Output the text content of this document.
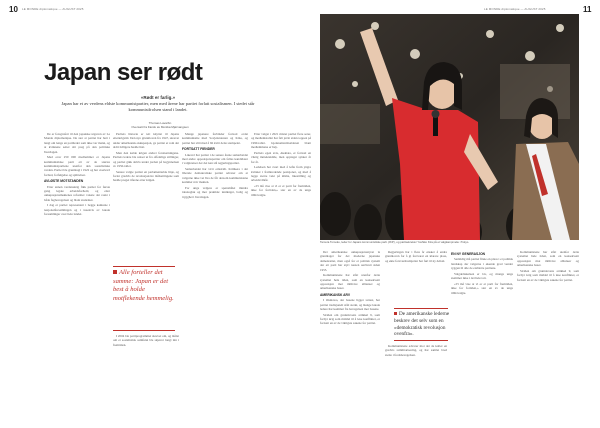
10 LE MONDE diplomatique — AUGUST 2025	11
LE MONDE diplomatique — AUGUST 2025
Japan ser rødt
«Rødt er farlig.»
Japan har et av verdens eldste kommunistpartier, men med årene har partiet forlatt sosialismen. I stedet står kommunistfrolsen stand i landet.
Thomas Lavarbn
Oversatt fra fransk av Monika Mjørvangsen

De er fotografert til den japanske utgaven av Le Monde diplomatique. De sier at partiet har hatt i langt om lenge en partileder som ikke var mann, og at kvinnene setter sitt preg på den politiske hverdagen.

Med over 250 000 medlemmer er Japans kommunistiske parti ett av de største kommunistpartiene utenfor den sosialistiske verden. Partiet ble grunnlagt i 1922 og har overlevd forbud, forfølgelse og splittelser.

AVLØSTE MOTSTANDEN

Etter annen verdenskrig fikk partiet for første gang legale arbeidsforhold, og etter okkupasjonsmaktenes reformer vokste det raskt i både fagbevegelsen og blant studenter.

I dag er partiet representert i begge kamrene i nasjonalforsamlingen og i tusenvis av lokale forsamlinger over hele landet.

Partiets historie er tett knyttet til Japans etterkrigstid. Den nye grunnloven fra 1947, skrevet under amerikansk okkupasjon, ga partiet et rom det aldri tidligere hadde hatt.

Men den kalde krigen endret forutsetningene. Partiets ledere ble renset ut fra offentlige stillinger, og partiet gikk delvis under jorden på begynnelsen av 1950-tallet.

Senere valgte partiet en parlamentarisk linje, og forlot gradvis de revolusjonære målsettingene som hadde preget tiårene etter krigen.

Alle forteller det samme: Japan er det best å holde motflekende hemmelig.

I 2004 ble partiprogrammet skrevet om, og målet om et sosialistisk samfunn ble skjøvet langt inn i fremtiden.

Mange japanere forbinder fortsatt ordet kommunisme med Sovjetunionen og Kina, og partiet har slitt med å bli kvitt dette stempelet.

FORTSATT FIENDER

Likevel har partiet i de senere årene samarbeidet med andre opposisjonspartier om felles kandidater i valgkretser der det kan slå regjeringspartiet.

Samarbeidet har vært omstridt. Kritikere i det liberale demokratiske partiet advarer om at velgerne ikke vet hva de får dersom kommunistene kommer nær makten.

For unge velgere er spørsmålet mindre ideologisk og mer praktisk: lønninger, bolig og trygghet i hverdagen.

Etter valget i 2021 mistet partiet flere seter, og medlemstallet har falt jevnt siden toppen på 1990-tallet. Gjennomsnittsalderen blant medlemmene er høy.

Partiets egen avis, Akahata, er fortsatt en viktig inntektskilde, men opplaget synker år for år.

Ledelsen har svart med å løfte frem yngre kvinner i fremtredende posisjoner, og med å legge større vekt på klima, likestilling og arbeidsvilkår.

«Vi må vise at vi er et parti for fremtiden, ikke for fortiden,» sier en av de unge tillitsvalgte.

Tamura Tomoko, leder for Japans kommunistiske parti (JKP), og partisekretær Yoshiko Kira på et valgkampmøte i Tokyo.

Det amerikanske okkupasjonsstyret la grunnlaget for det moderne japanske demokratiet, men også for et politisk system der ett parti har styrt nesten uavbrutt siden 1955.

Kommunistene har stått utenfor dette systemet hele tiden, som en konsekvent opposisjon mot militære allianser og amerikanske baser.

AMERIKANSK ARV

I Okinawa, der basene ligger tettest, har partiet tradisjonelt stått sterkt, og mange lokale ledere har kommet fra bevegelsen mot basene.

Striden om grunnlovens artikkel 9, som forbyr krig som middel til å løse konflikter, er fortsatt en av de viktigste sakene for partiet.

Regjeringen har i flere år ønsket å endre grunnloven for å gi forsvaret en klarere plass, og økte forsvarsbudsjetter har ført til ny debatt.

De amerikanske lederne beskrev det selv som en «demokratisk revolusjon ovenfra».

Kommunistene advarer mot det de kaller en gradvis remilitarisering, og har samlet bred støtte i fredsbevegelsen.

EN NY GENERASJON

Samtidig må partiet finne en plass i et politisk landskap der velgerne i økende grad vender ryggen til alle de etablerte partiene.

Valgdeltakelsen er lav, og mange unge stemmer ikke i det hele tatt.

«Vi må vise at vi er et parti for fremtiden, ikke for fortiden,» sier en av de unge tillitsvalgte.

Kommunistene har stått utenfor dette systemet hele tiden, som en konsekvent opposisjon mot militære allianser og amerikanske baser.

Striden om grunnlovens artikkel 9, som forbyr krig som middel til å løse konflikter, er fortsatt en av de viktigste sakene for partiet.
